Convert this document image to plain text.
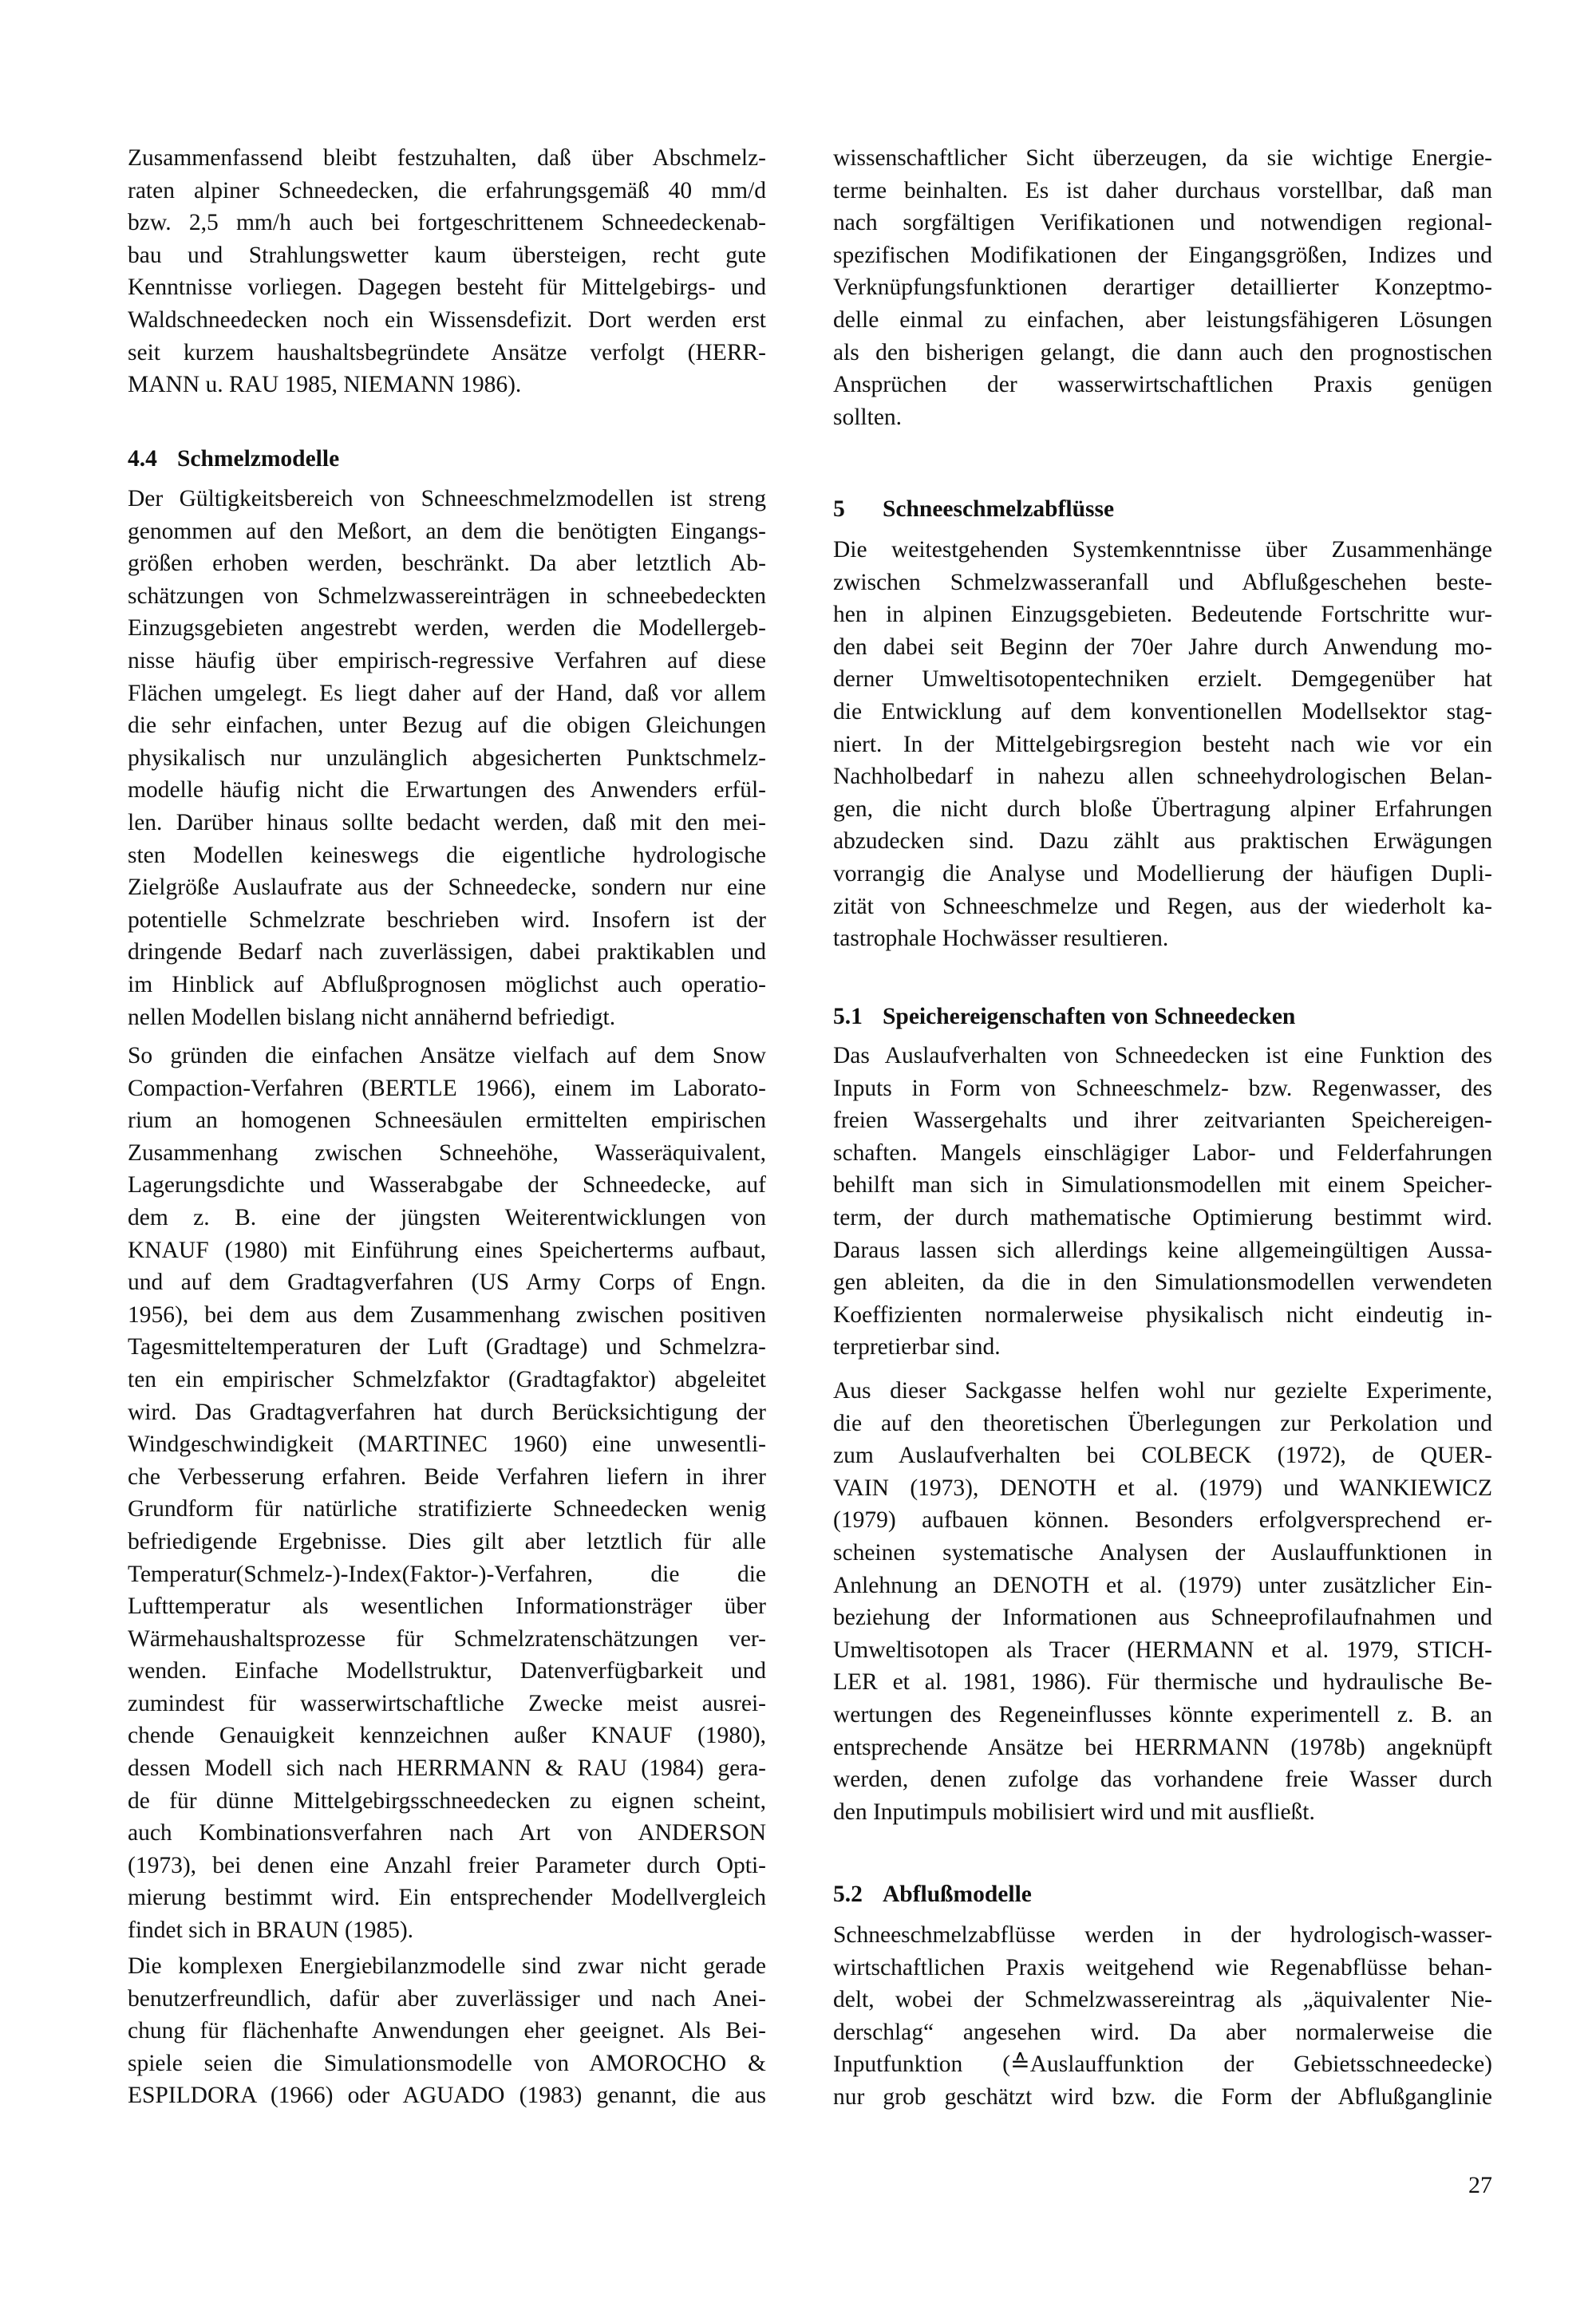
Zusammenfassend bleibt festzuhalten, daß über Abschmelz-
raten alpiner Schneedecken, die erfahrungsgemäß 40 mm/d
bzw. 2,5 mm/h auch bei fortgeschrittenem Schneedeckenab-
bau und Strahlungswetter kaum übersteigen, recht gute
Kenntnisse vorliegen. Dagegen besteht für Mittelgebirgs- und
Waldschneedecken noch ein Wissensdefizit. Dort werden erst
seit kurzem haushaltsbegründete Ansätze verfolgt (HERR-
MANN u. RAU 1985, NIEMANN 1986).
4.4 Schmelzmodelle
Der Gültigkeitsbereich von Schneeschmelzmodellen ist streng
genommen auf den Meßort, an dem die benötigten Eingangs-
größen erhoben werden, beschränkt. Da aber letztlich Ab-
schätzungen von Schmelzwassereinträgen in schneebedeckten
Einzugsgebieten angestrebt werden, werden die Modellergeb-
nisse häufig über empirisch-regressive Verfahren auf diese
Flächen umgelegt. Es liegt daher auf der Hand, daß vor allem
die sehr einfachen, unter Bezug auf die obigen Gleichungen
physikalisch nur unzulänglich abgesicherten Punktschmelz-
modelle häufig nicht die Erwartungen des Anwenders erfül-
len. Darüber hinaus sollte bedacht werden, daß mit den mei-
sten Modellen keineswegs die eigentliche hydrologische
Zielgröße Auslaufrate aus der Schneedecke, sondern nur eine
potentielle Schmelzrate beschrieben wird. Insofern ist der
dringende Bedarf nach zuverlässigen, dabei praktikablen und
im Hinblick auf Abflußprognosen möglichst auch operatio-
nellen Modellen bislang nicht annähernd befriedigt.
So gründen die einfachen Ansätze vielfach auf dem Snow
Compaction-Verfahren (BERTLE 1966), einem im Laborato-
rium an homogenen Schneesäulen ermittelten empirischen
Zusammenhang zwischen Schneehöhe, Wasseräquivalent,
Lagerungsdichte und Wasserabgabe der Schneedecke, auf
dem z. B. eine der jüngsten Weiterentwicklungen von
KNAUF (1980) mit Einführung eines Speicherterms aufbaut,
und auf dem Gradtagverfahren (US Army Corps of Engn.
1956), bei dem aus dem Zusammenhang zwischen positiven
Tagesmitteltemperaturen der Luft (Gradtage) und Schmelzra-
ten ein empirischer Schmelzfaktor (Gradtagfaktor) abgeleitet
wird. Das Gradtagverfahren hat durch Berücksichtigung der
Windgeschwindigkeit (MARTINEC 1960) eine unwesentli-
che Verbesserung erfahren. Beide Verfahren liefern in ihrer
Grundform für natürliche stratifizierte Schneedecken wenig
befriedigende Ergebnisse. Dies gilt aber letztlich für alle
Temperatur(Schmelz-)-Index(Faktor-)-Verfahren, die die
Lufttemperatur als wesentlichen Informationsträger über
Wärmehaushaltsprozesse für Schmelzratenschätzungen ver-
wenden. Einfache Modellstruktur, Datenverfügbarkeit und
zumindest für wasserwirtschaftliche Zwecke meist ausrei-
chende Genauigkeit kennzeichnen außer KNAUF (1980),
dessen Modell sich nach HERRMANN & RAU (1984) gera-
de für dünne Mittelgebirgsschneedecken zu eignen scheint,
auch Kombinationsverfahren nach Art von ANDERSON
(1973), bei denen eine Anzahl freier Parameter durch Opti-
mierung bestimmt wird. Ein entsprechender Modellvergleich
findet sich in BRAUN (1985).
Die komplexen Energiebilanzmodelle sind zwar nicht gerade
benutzerfreundlich, dafür aber zuverlässiger und nach Anei-
chung für flächenhafte Anwendungen eher geeignet. Als Bei-
spiele seien die Simulationsmodelle von AMOROCHO &
ESPILDORA (1966) oder AGUADO (1983) genannt, die aus
wissenschaftlicher Sicht überzeugen, da sie wichtige Energie-
terme beinhalten. Es ist daher durchaus vorstellbar, daß man
nach sorgfältigen Verifikationen und notwendigen regional-
spezifischen Modifikationen der Eingangsgrößen, Indizes und
Verknüpfungsfunktionen derartiger detaillierter Konzeptmo-
delle einmal zu einfachen, aber leistungsfähigeren Lösungen
als den bisherigen gelangt, die dann auch den prognostischen
Ansprüchen der wasserwirtschaftlichen Praxis genügen
sollten.
5 Schneeschmelzabflüsse
Die weitestgehenden Systemkenntnisse über Zusammenhänge
zwischen Schmelzwasseranfall und Abflußgeschehen beste-
hen in alpinen Einzugsgebieten. Bedeutende Fortschritte wur-
den dabei seit Beginn der 70er Jahre durch Anwendung mo-
derner Umweltisotopentechniken erzielt. Demgegenüber hat
die Entwicklung auf dem konventionellen Modellsektor stag-
niert. In der Mittelgebirgsregion besteht nach wie vor ein
Nachholbedarf in nahezu allen schneehydrologischen Belan-
gen, die nicht durch bloße Übertragung alpiner Erfahrungen
abzudecken sind. Dazu zählt aus praktischen Erwägungen
vorrangig die Analyse und Modellierung der häufigen Dupli-
zität von Schneeschmelze und Regen, aus der wiederholt ka-
tastrophale Hochwässer resultieren.
5.1 Speichereigenschaften von Schneedecken
Das Auslaufverhalten von Schneedecken ist eine Funktion des
Inputs in Form von Schneeschmelz- bzw. Regenwasser, des
freien Wassergehalts und ihrer zeitvarianten Speichereigen-
schaften. Mangels einschlägiger Labor- und Felderfahrungen
behilft man sich in Simulationsmodellen mit einem Speicher-
term, der durch mathematische Optimierung bestimmt wird.
Daraus lassen sich allerdings keine allgemeingültigen Aussa-
gen ableiten, da die in den Simulationsmodellen verwendeten
Koeffizienten normalerweise physikalisch nicht eindeutig in-
terpretierbar sind.
Aus dieser Sackgasse helfen wohl nur gezielte Experimente,
die auf den theoretischen Überlegungen zur Perkolation und
zum Auslaufverhalten bei COLBECK (1972), de QUER-
VAIN (1973), DENOTH et al. (1979) und WANKIEWICZ
(1979) aufbauen können. Besonders erfolgversprechend er-
scheinen systematische Analysen der Auslauffunktionen in
Anlehnung an DENOTH et al. (1979) unter zusätzlicher Ein-
beziehung der Informationen aus Schneeprofilaufnahmen und
Umweltisotopen als Tracer (HERMANN et al. 1979, STICH-
LER et al. 1981, 1986). Für thermische und hydraulische Be-
wertungen des Regeneinflusses könnte experimentell z. B. an
entsprechende Ansätze bei HERRMANN (1978b) angeknüpft
werden, denen zufolge das vorhandene freie Wasser durch
den Inputimpuls mobilisiert wird und mit ausfließt.
5.2 Abflußmodelle
Schneeschmelzabflüsse werden in der hydrologisch-wasser-
wirtschaftlichen Praxis weitgehend wie Regenabflüsse behan-
delt, wobei der Schmelzwassereintrag als „äquivalenter Nie-
derschlag“ angesehen wird. Da aber normalerweise die
Inputfunktion (≙Auslauffunktion der Gebietsschneedecke)
nur grob geschätzt wird bzw. die Form der Abflußganglinie
27
